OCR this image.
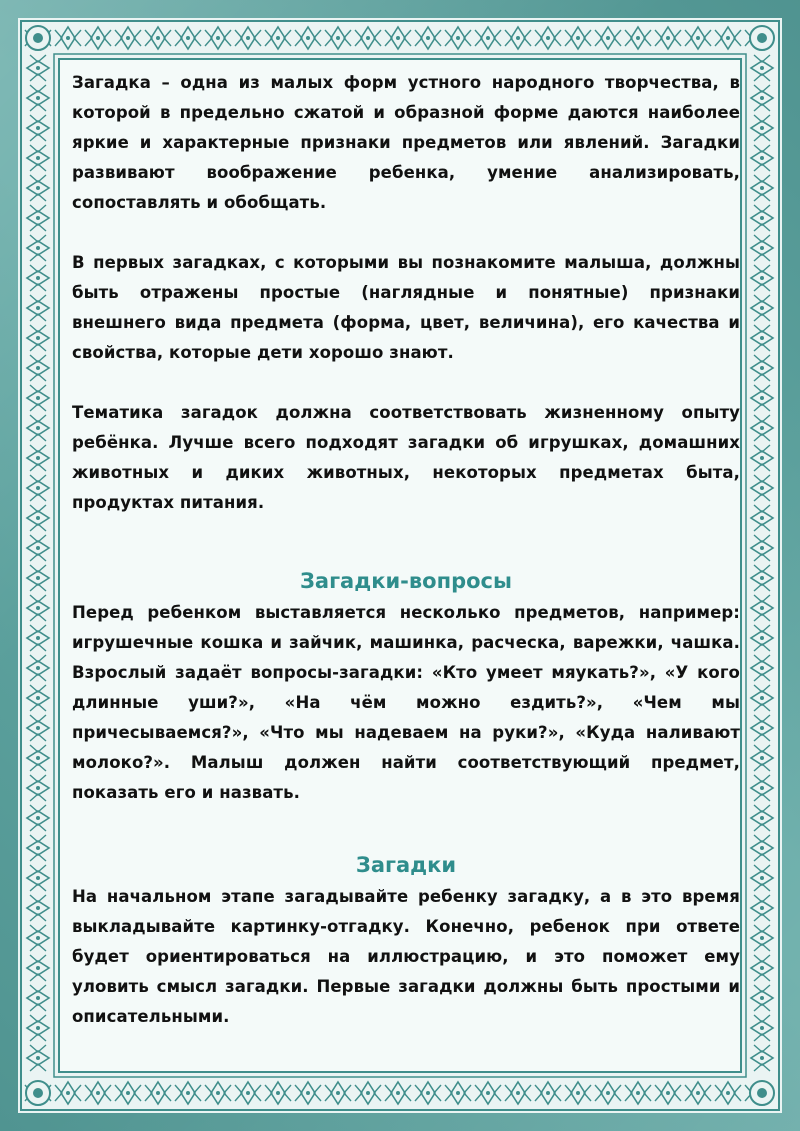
Загадка – одна из малых форм устного народного творчества, в которой в предельно сжатой и образной форме даются наиболее яркие и характерные признаки предметов или явлений. Загадки развивают воображение ребенка, умение анализировать, сопоставлять и обобщать.

В первых загадках, с которыми вы познакомите малыша, должны быть отражены простые (наглядные и понятные) признаки внешнего вида предмета (форма, цвет, величина), его качества и свойства, которые дети хорошо знают.

Тематика загадок должна соответствовать жизненному опыту ребёнка. Лучше всего подходят загадки об игрушках, домашних животных и диких животных, некоторых предметах быта, продуктах питания.

Загадки-вопросы

Перед ребенком выставляется несколько предметов, например: игрушечные кошка и зайчик, машинка, расческа, варежки, чашка. Взрослый задаёт вопросы-загадки: «Кто умеет мяукать?», «У кого длинные уши?», «На чём можно ездить?», «Чем мы причесываемся?», «Что мы надеваем на руки?», «Куда наливают молоко?». Малыш должен найти соответствующий предмет, показать его и назвать.

Загадки

На начальном этапе загадывайте ребенку загадку, а в это время выкладывайте картинку-отгадку. Конечно, ребенок при ответе будет ориентироваться на иллюстрацию, и это поможет ему уловить смысл загадки. Первые загадки должны быть простыми и описательными.
